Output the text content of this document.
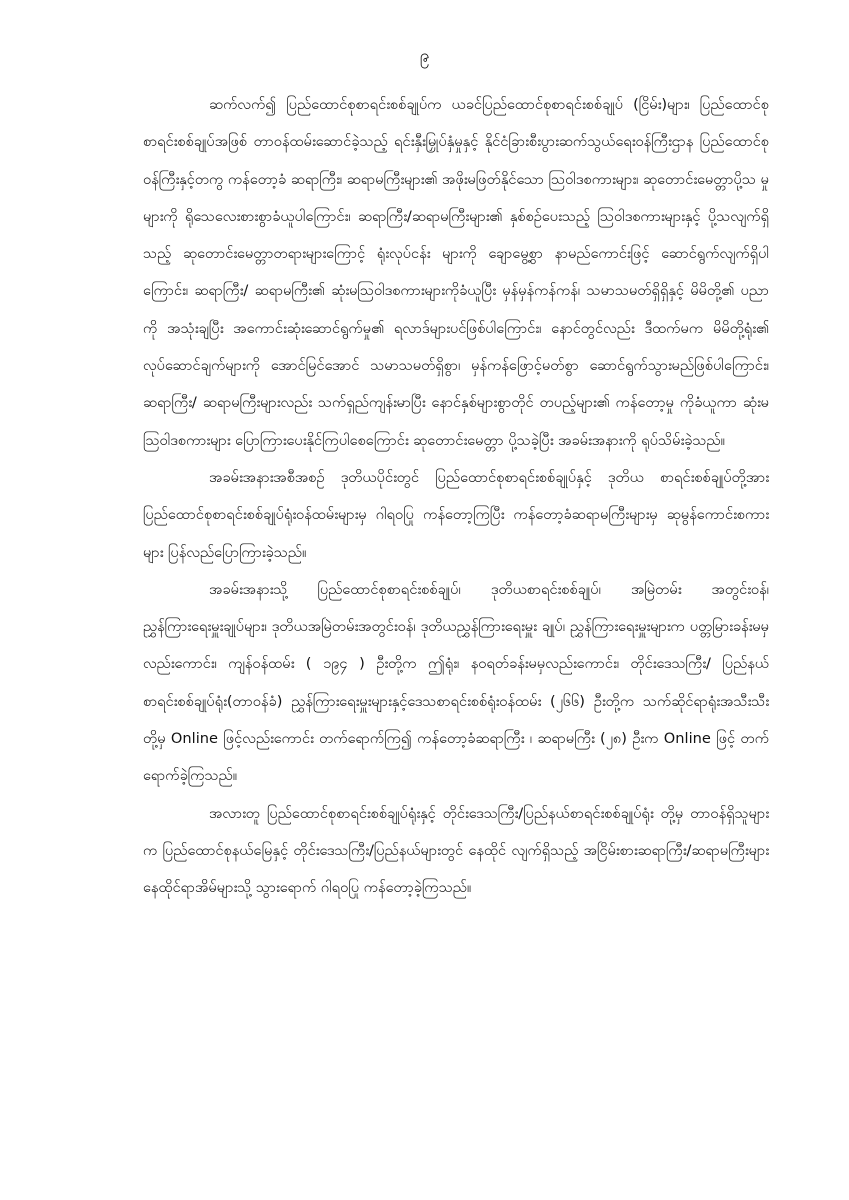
၉

ဆက်လက်၍ ပြည်ထောင်စုစာရင်းစစ်ချုပ်က ယခင်ပြည်ထောင်စုစာရင်းစစ်ချုပ် (ငြိမ်း)များ၊ ပြည်ထောင်စုစာရင်းစစ်ချုပ်အဖြစ် တာဝန်ထမ်းဆောင်ခဲ့သည့် ရင်းနှီးမြှုပ်နှံမှုနှင့် နိုင်ငံခြားစီးပွားဆက်သွယ်ရေးဝန်ကြီးဌာန ပြည်ထောင်စုဝန်ကြီးနှင့်တကွ ကန်တော့ခံ ဆရာကြီး၊ ဆရာမကြီးများ၏ အဖိုးမဖြတ်နိုင်သော ဩဝါဒစကားများ၊ ဆုတောင်းမေတ္တာပို့သ မှုများကို ရိုသေလေးစားစွာခံယူပါကြောင်း၊ ဆရာကြီး/ဆရာမကြီးများ၏ နှစ်စဉ်ပေးသည့် ဩဝါဒစကားများနှင့် ပို့သလျက်ရှိသည့် ဆုတောင်းမေတ္တာတရားများကြောင့် ရုံးလုပ်ငန်း များကို ချောမွေ့စွာ နာမည်ကောင်းဖြင့် ဆောင်ရွက်လျက်ရှိပါကြောင်း၊ ဆရာကြီး/ ဆရာမကြီး၏ ဆုံးမဩဝါဒစကားများကိုခံယူပြီး မှန်မှန်ကန်ကန်၊ သမာသမတ်ရှိရှိနှင့် မိမိတို့၏ ပညာကို အသုံးချပြီး အကောင်းဆုံးဆောင်ရွက်မှု၏ ရလာဒ်များပင်ဖြစ်ပါကြောင်း၊ နောင်တွင်လည်း ဒီထက်မက မိမိတို့ရုံး၏ လုပ်ဆောင်ချက်များကို အောင်မြင်အောင် သမာသမတ်ရှိစွာ၊ မှန်ကန်ဖြောင့်မတ်စွာ ဆောင်ရွက်သွားမည်ဖြစ်ပါကြောင်း၊ ဆရာကြီး/ ဆရာမကြီးများလည်း သက်ရှည်ကျန်းမာပြီး နောင်နှစ်များစွာတိုင် တပည့်များ၏ ကန်တော့မှု ကိုခံယူကာ ဆုံးမဩဝါဒစကားများ ပြောကြားပေးနိုင်ကြပါစေကြောင်း ဆုတောင်းမေတ္တာ ပို့သခဲ့ပြီး အခမ်းအနားကို ရုပ်သိမ်းခဲ့သည်။

အခမ်းအနားအစီအစဉ် ဒုတိယပိုင်းတွင် ပြည်ထောင်စုစာရင်းစစ်ချုပ်နှင့် ဒုတိယ စာရင်းစစ်ချုပ်တို့အား ပြည်ထောင်စုစာရင်းစစ်ချုပ်ရုံးဝန်ထမ်းများမှ ဂါရဝပြု ကန်တော့ကြပြီး ကန်တော့ခံဆရာမကြီးများမှ ဆုမွန်ကောင်းစကားများ ပြန်လည်ပြောကြားခဲ့သည်။

အခမ်းအနားသို့ ပြည်ထောင်စုစာရင်းစစ်ချုပ်၊ ဒုတိယစာရင်းစစ်ချုပ်၊ အမြဲတမ်း အတွင်းဝန်၊ ညွှန်ကြားရေးမှူးချုပ်များ၊ ဒုတိယအမြဲတမ်းအတွင်းဝန်၊ ဒုတိယညွှန်ကြားရေးမှူး ချုပ်၊ ညွှန်ကြားရေးမှူးများက ပတ္တမြားခန်းမမှလည်းကောင်း၊ ကျန်ဝန်ထမ်း ( ၁၉၄ ) ဦးတို့က ဤရုံး၊ နဝရတ်ခန်းမမှလည်းကောင်း၊ တိုင်းဒေသကြီး/ ပြည်နယ်စာရင်းစစ်ချုပ်ရုံး(တာဝန်ခံ) ညွှန်ကြားရေးမှူးများနှင့်ဒေသစာရင်းစစ်ရုံးဝန်ထမ်း (၂၆၆) ဦးတို့က သက်ဆိုင်ရာရုံးအသီးသီး တို့မှ Online ဖြင့်လည်းကောင်း တက်ရောက်ကြ၍ ကန်တော့ခံဆရာကြီး ၊ ဆရာမကြီး (၂၈) ဦးက Online ဖြင့် တက်ရောက်ခဲ့ကြသည်။

အလားတူ ပြည်ထောင်စုစာရင်းစစ်ချုပ်ရုံးနှင့် တိုင်းဒေသကြီး/ပြည်နယ်စာရင်းစစ်ချုပ်ရုံး တို့မှ တာဝန်ရှိသူများက ပြည်ထောင်စုနယ်မြေနှင့် တိုင်းဒေသကြီး/ပြည်နယ်များတွင် နေထိုင် လျက်ရှိသည့် အငြိမ်းစားဆရာကြီး/ဆရာမကြီးများ နေထိုင်ရာအိမ်များသို့ သွားရောက် ဂါရဝပြု ကန်တော့ခဲ့ကြသည်။
